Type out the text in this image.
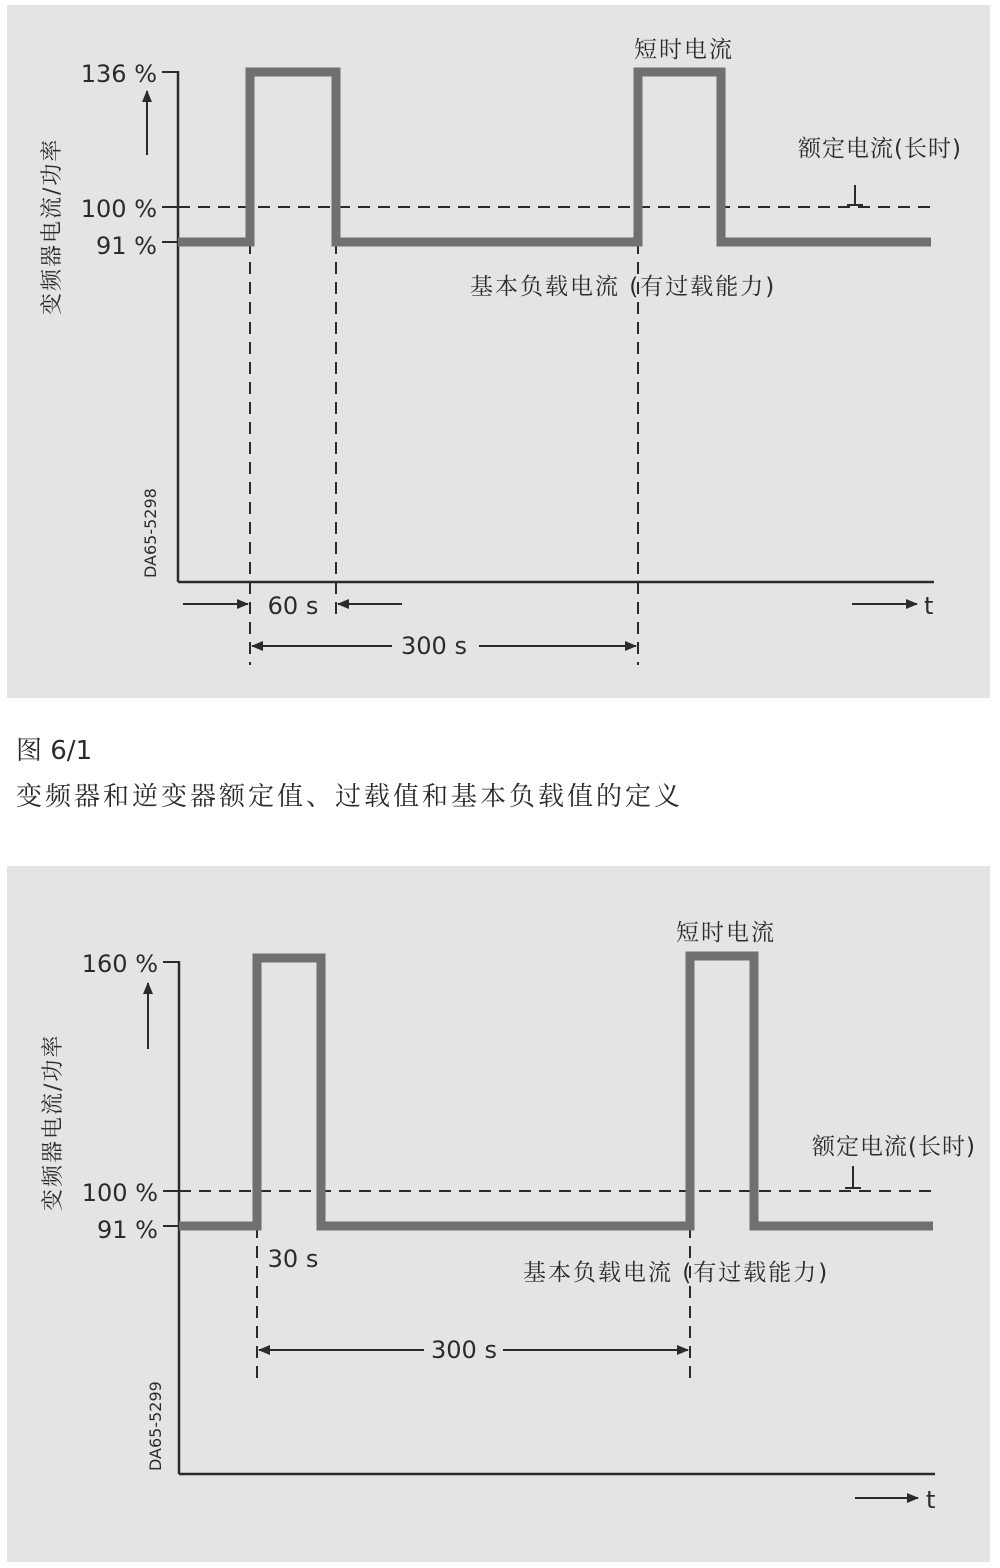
136 %
100 %
91 %
变频器电流/功率
DA65-5298
短时电流
额定电流(长时)
基本负载电流 (有过载能力)
60 s
300 s
t
图 6/1
变频器和逆变器额定值、过载值和基本负载值的定义
160 %
100 %
91 %
变频器电流/功率
DA65-5299
短时电流
额定电流(长时)
基本负载电流 (有过载能力)
30 s
300 s
t
